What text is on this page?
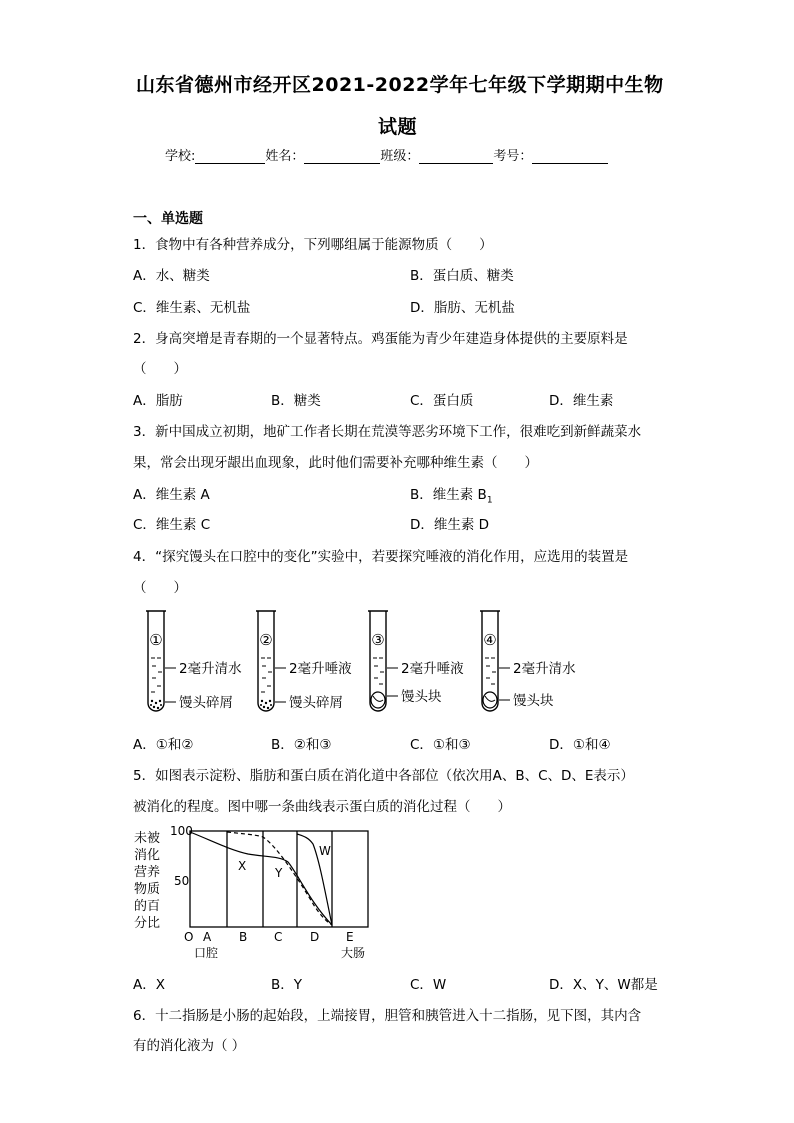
山东省德州市经开区2021-2022学年七年级下学期期中生物
试题
学校:	姓名：	班级：	考号：
一、单选题
1．食物中有各种营养成分，下列哪组属于能源物质（　　）
A．水、糖类	B．蛋白质、糖类
C．维生素、无机盐	D．脂肪、无机盐
2．身高突增是青春期的一个显著特点。鸡蛋能为青少年建造身体提供的主要原料是
（　　）
A．脂肪	B．糖类	C．蛋白质	D．维生素
3．新中国成立初期，地矿工作者长期在荒漠等恶劣环境下工作，很难吃到新鲜蔬菜水
果，常会出现牙龈出血现象，此时他们需要补充哪种维生素（　　）
A．维生素 A	B．维生素 $B_1$
C．维生素 C	D．维生素 D
4．“探究馒头在口腔中的变化”实验中，若要探究唾液的消化作用，应选用的装置是
（　　）
①
2毫升清水
馒头碎屑
②
2毫升唾液
馒头碎屑
③
2毫升唾液
馒头块
④
2毫升清水
馒头块
A．①和②	B．②和③	C．①和③	D．①和④
5．如图表示淀粉、脂肪和蛋白质在消化道中各部位（依次用A、B、C、D、E表示）
被消化的程度。图中哪一条曲线表示蛋白质的消化过程（　　）
未被
消化
营养
物质
的百
分比
100
50
X Y
W
O A B C D E
口腔	大肠
A．X	B．Y	C．W	D．X、Y、W都是
6．十二指肠是小肠的起始段，上端接胃，胆管和胰管进入十二指肠，见下图，其内含
有的消化液为（ ）
